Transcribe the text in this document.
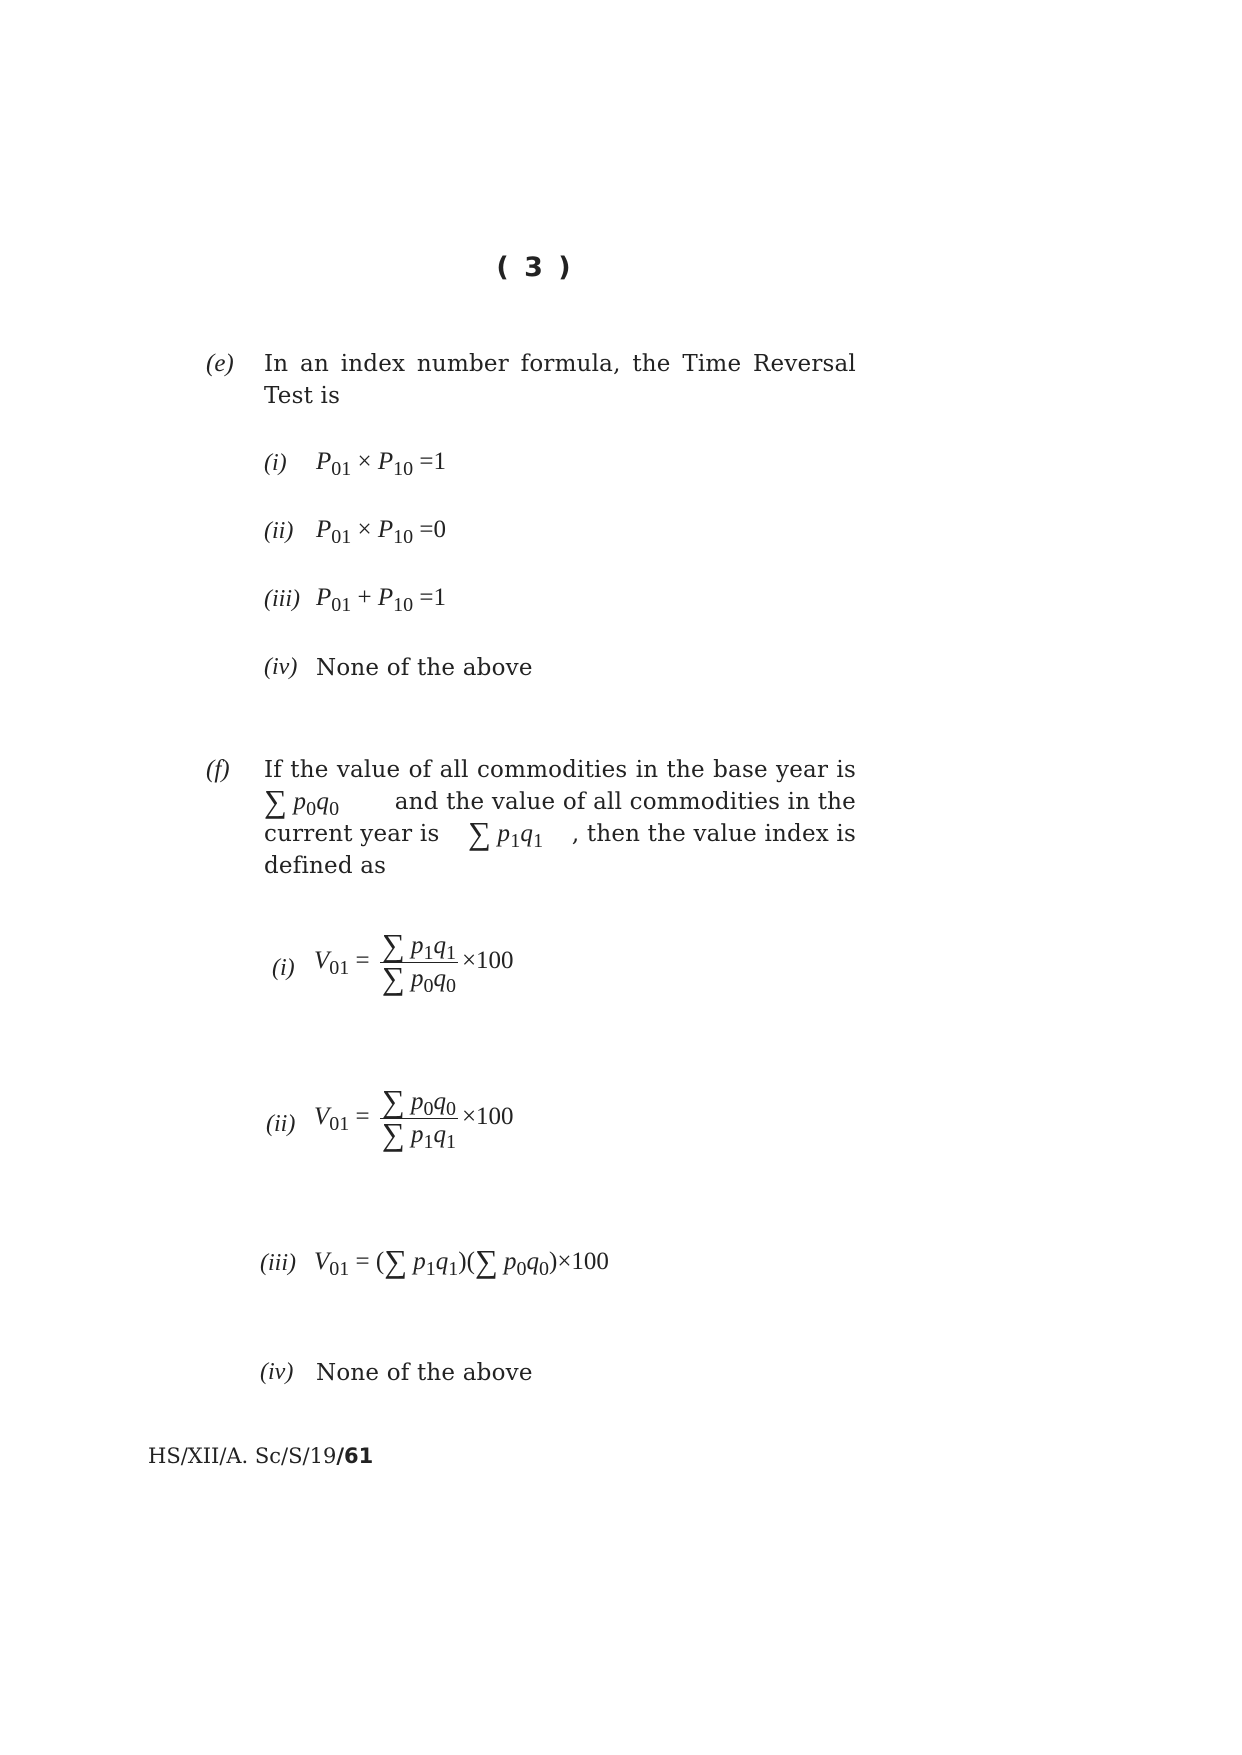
( 3 )
(e) In an index number formula, the Time Reversal
Test is
(i) $P_{01} \times P_{10} =1$
(ii) $P_{01} \times P_{10} =0$
(iii) $P_{01} + P_{10} =1$
(iv) None of the above
(f) If the value of all commodities in the base year is
∑ $p_0q_0$ and the value of all commodities in the
current year is ∑ $p_1q_1$ , then the value index is
defined as
(i) $V_{01} = \frac{\sum p_1q_1}{\sum p_0q_0} \times 100$
(ii) $V_{01} = \frac{\sum p_0q_0}{\sum p_1q_1} \times 100$
(iii) $V_{01}$ = (∑ $p_1q_1)(\sum$ $p_0q_0)\times 100$
(iv) None of the above
HS/XII/A. Sc/S/19/61
